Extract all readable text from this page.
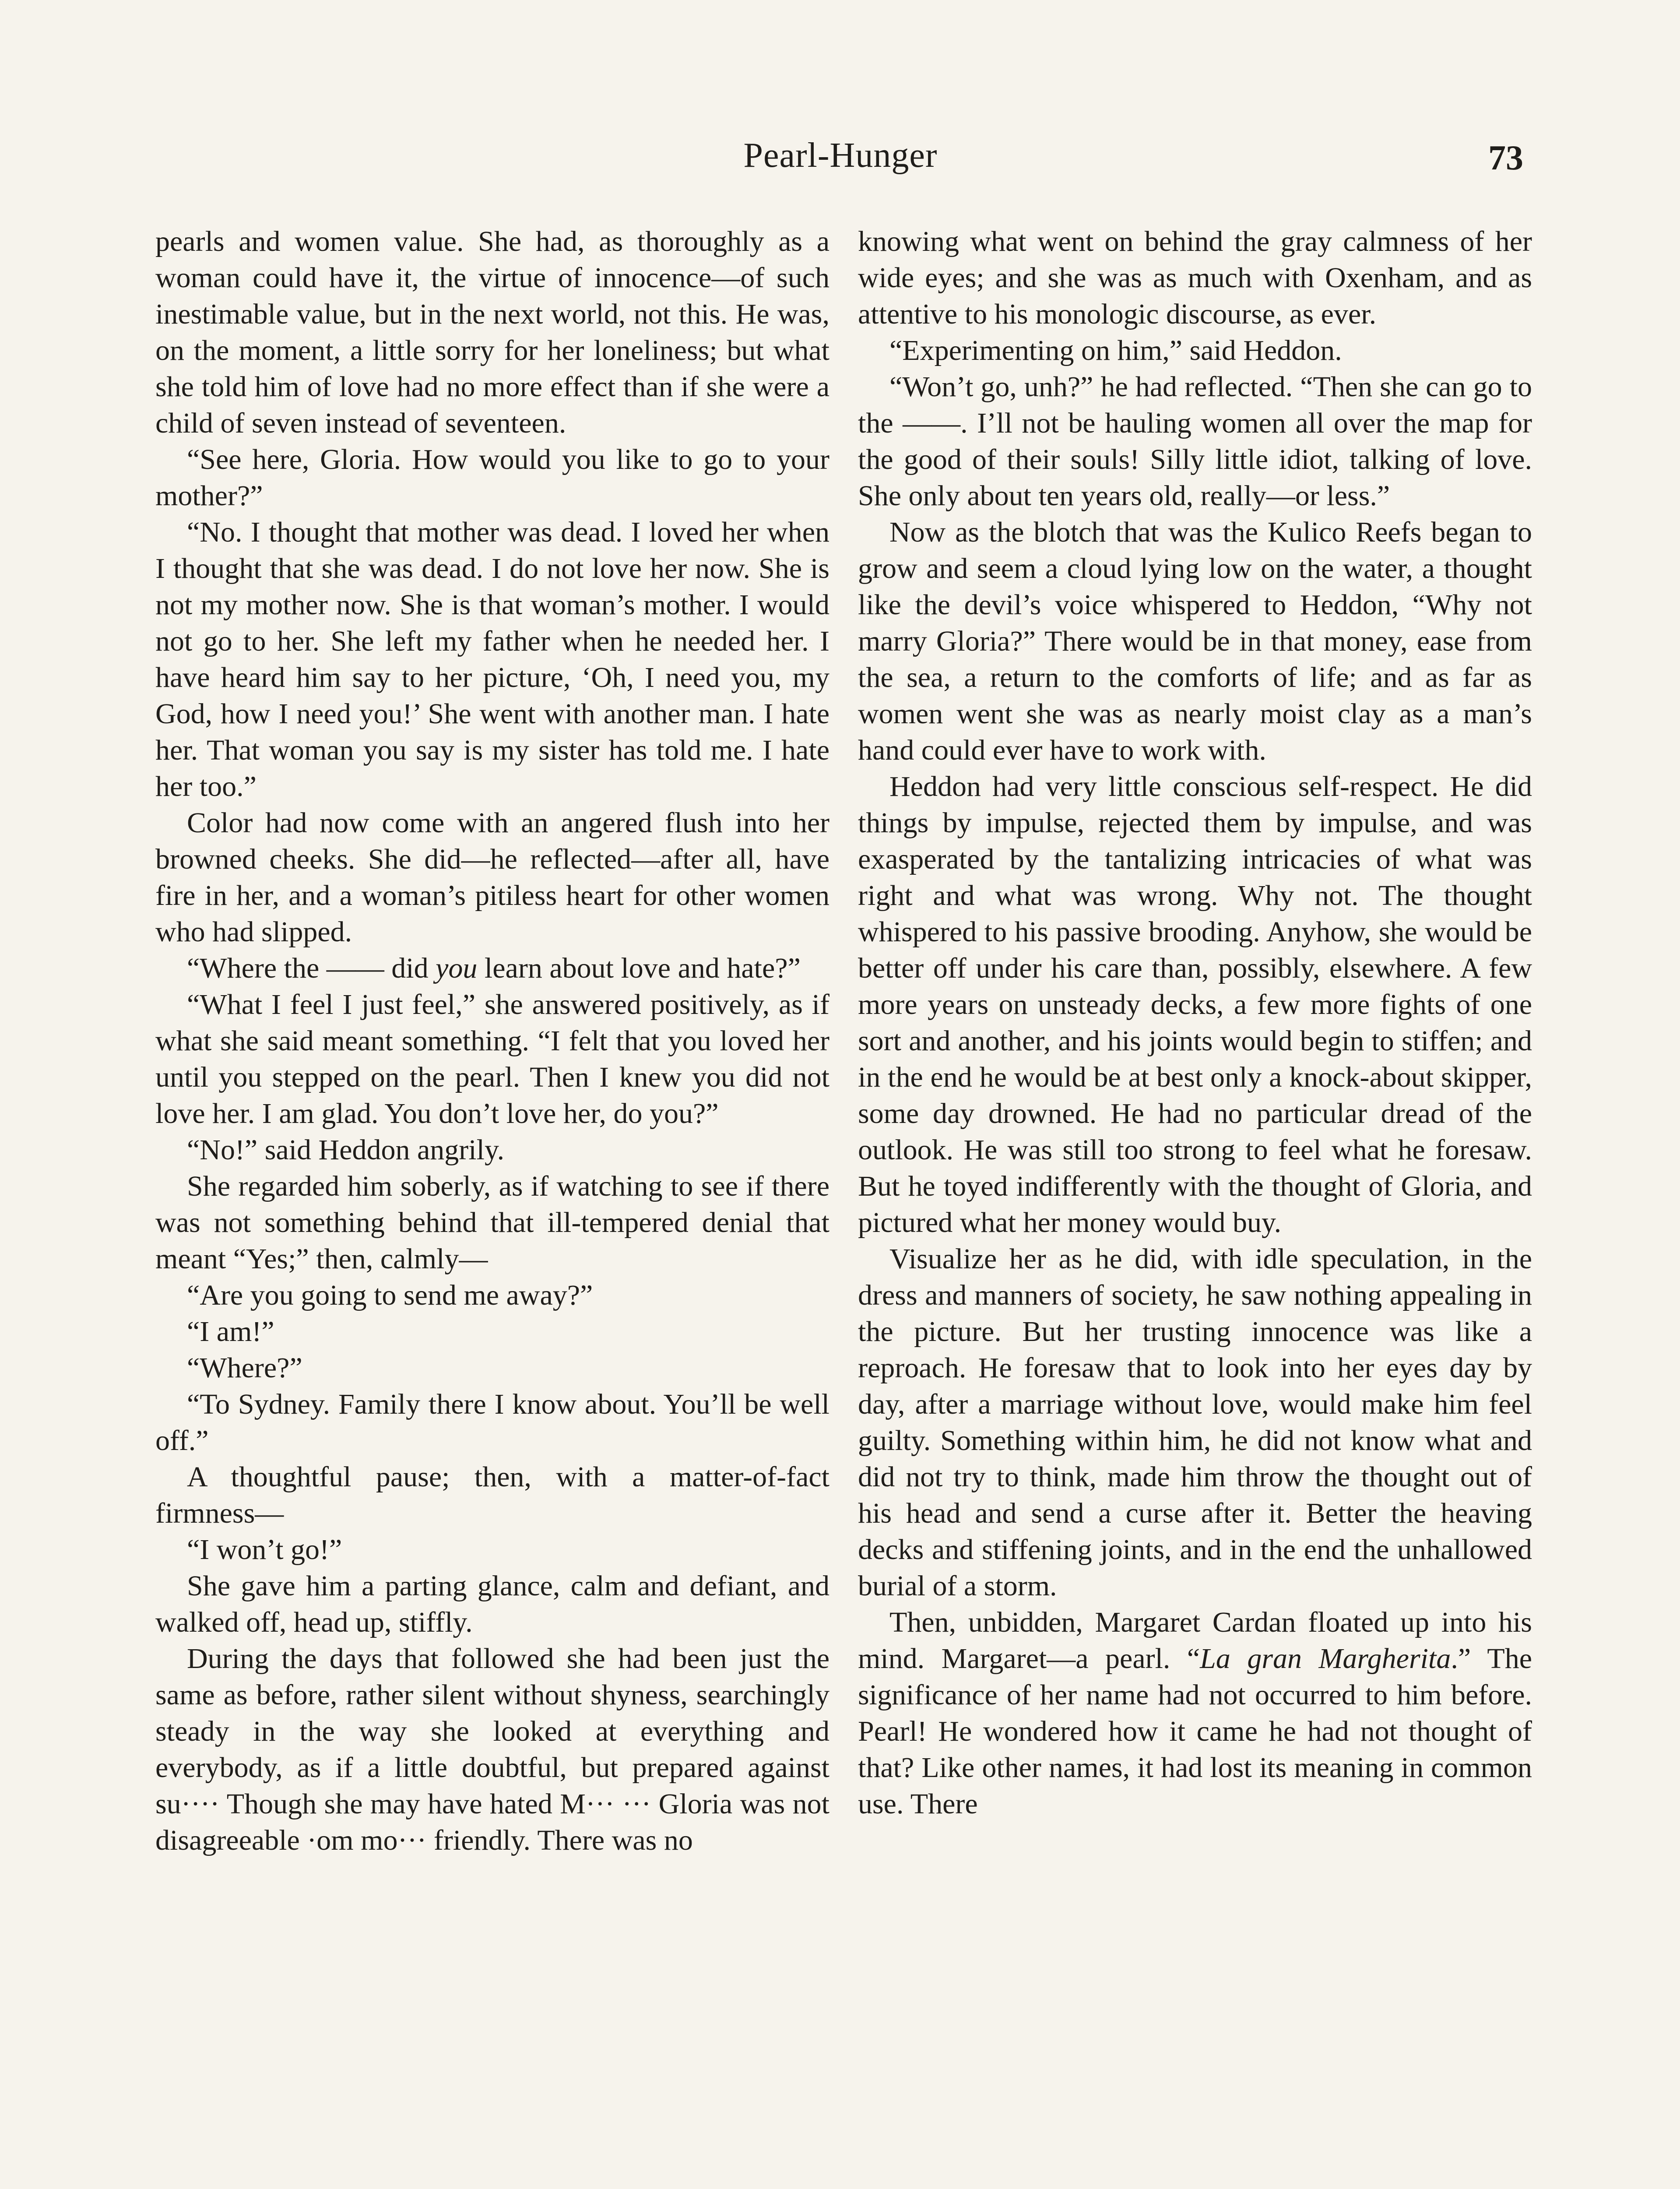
Pearl-Hunger	73

pearls and women value. She had, as thoroughly as a woman could have it, the virtue of innocence—of such inestimable value, but in the next world, not this. He was, on the moment, a little sorry for her loneliness; but what she told him of love had no more effect than if she were a child of seven instead of seventeen.

“See here, Gloria. How would you like to go to your mother?”

“No. I thought that mother was dead. I loved her when I thought that she was dead. I do not love her now. She is not my mother now. She is that woman’s mother. I would not go to her. She left my father when he needed her. I have heard him say to her picture, ‘Oh, I need you, my God, how I need you!’ She went with another man. I hate her. That woman you say is my sister has told me. I hate her too.”

Color had now come with an angered flush into her browned cheeks. She did—he reflected—after all, have fire in her, and a woman’s pitiless heart for other women who had slipped.

“Where the —— did you learn about love and hate?”

“What I feel I just feel,” she answered positively, as if what she said meant something. “I felt that you loved her until you stepped on the pearl. Then I knew you did not love her. I am glad. You don’t love her, do you?”

“No!” said Heddon angrily.

She regarded him soberly, as if watching to see if there was not something behind that ill-tempered denial that meant “Yes;” then, calmly—

“Are you going to send me away?”

“I am!”

“Where?”

“To Sydney. Family there I know about. You’ll be well off.”

A thoughtful pause; then, with a matter-of-fact firmness—

“I won’t go!”

She gave him a parting glance, calm and defiant, and walked off, head up, stiffly.

During the days that followed she had been just the same as before, rather silent without shyness, searchingly steady in the way she looked at everything and everybody, as if a little doubtful, but prepared against su···· Though she may have hated M··· ··· Gloria was not disagreeable ·om mo··· friendly. There was no

knowing what went on behind the gray calmness of her wide eyes; and she was as much with Oxenham, and as attentive to his monologic discourse, as ever.

“Experimenting on him,” said Heddon.

“Won’t go, unh?” he had reflected. “Then she can go to the ——. I’ll not be hauling women all over the map for the good of their souls! Silly little idiot, talking of love. She only about ten years old, really—or less.”

Now as the blotch that was the Kulico Reefs began to grow and seem a cloud lying low on the water, a thought like the devil’s voice whispered to Heddon, “Why not marry Gloria?” There would be in that money, ease from the sea, a return to the comforts of life; and as far as women went she was as nearly moist clay as a man’s hand could ever have to work with.

Heddon had very little conscious self-respect. He did things by impulse, rejected them by impulse, and was exasperated by the tantalizing intricacies of what was right and what was wrong. Why not. The thought whispered to his passive brooding. Anyhow, she would be better off under his care than, possibly, elsewhere. A few more years on unsteady decks, a few more fights of one sort and another, and his joints would begin to stiffen; and in the end he would be at best only a knock-about skipper, some day drowned. He had no particular dread of the outlook. He was still too strong to feel what he foresaw. But he toyed indifferently with the thought of Gloria, and pictured what her money would buy.

Visualize her as he did, with idle speculation, in the dress and manners of society, he saw nothing appealing in the picture. But her trusting innocence was like a reproach. He foresaw that to look into her eyes day by day, after a marriage without love, would make him feel guilty. Something within him, he did not know what and did not try to think, made him throw the thought out of his head and send a curse after it. Better the heaving decks and stiffening joints, and in the end the unhallowed burial of a storm.

Then, unbidden, Margaret Cardan floated up into his mind. Margaret—a pearl. “La gran Margherita.” The significance of her name had not occurred to him before. Pearl! He wondered how it came he had not thought of that? Like other names, it had lost its meaning in common use. There
